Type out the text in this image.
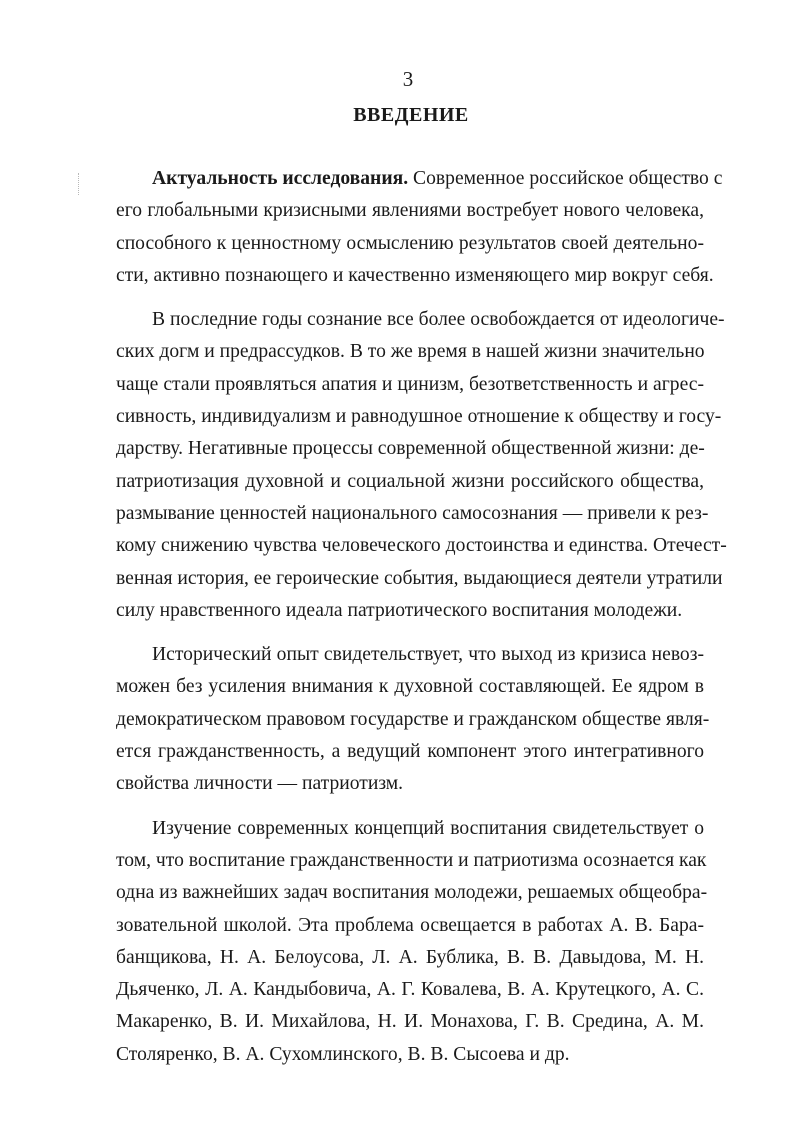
3
ВВЕДЕНИЕ
Актуальность исследования. Современное российское общество с
его глобальными кризисными явлениями востребует нового человека,
способного к ценностному осмыслению результатов своей деятельно-
сти, активно познающего и качественно изменяющего мир вокруг себя.
В последние годы сознание все более освобождается от идеологиче-
ских догм и предрассудков. В то же время в нашей жизни значительно
чаще стали проявляться апатия и цинизм, безответственность и агрес-
сивность, индивидуализм и равнодушное отношение к обществу и госу-
дарству. Негативные процессы современной общественной жизни: де-
патриотизация духовной и социальной жизни российского общества,
размывание ценностей национального самосознания — привели к рез-
кому снижению чувства человеческого достоинства и единства. Отечест-
венная история, ее героические события, выдающиеся деятели утратили
силу нравственного идеала патриотического воспитания молодежи.
Исторический опыт свидетельствует, что выход из кризиса невоз-
можен без усиления внимания к духовной составляющей. Ее ядром в
демократическом правовом государстве и гражданском обществе явля-
ется гражданственность, а ведущий компонент этого интегративного
свойства личности — патриотизм.
Изучение современных концепций воспитания свидетельствует о
том, что воспитание гражданственности и патриотизма осознается как
одна из важнейших задач воспитания молодежи, решаемых общеобра-
зовательной школой. Эта проблема освещается в работах А. В. Бара-
банщикова, Н. А. Белоусова, Л. А. Бублика, В. В. Давыдова, М. Н.
Дьяченко, Л. А. Кандыбовича, А. Г. Ковалева, В. А. Крутецкого, А. С.
Макаренко, В. И. Михайлова, Н. И. Монахова, Г. В. Средина, А. М.
Столяренко, В. А. Сухомлинского, В. В. Сысоева и др.
